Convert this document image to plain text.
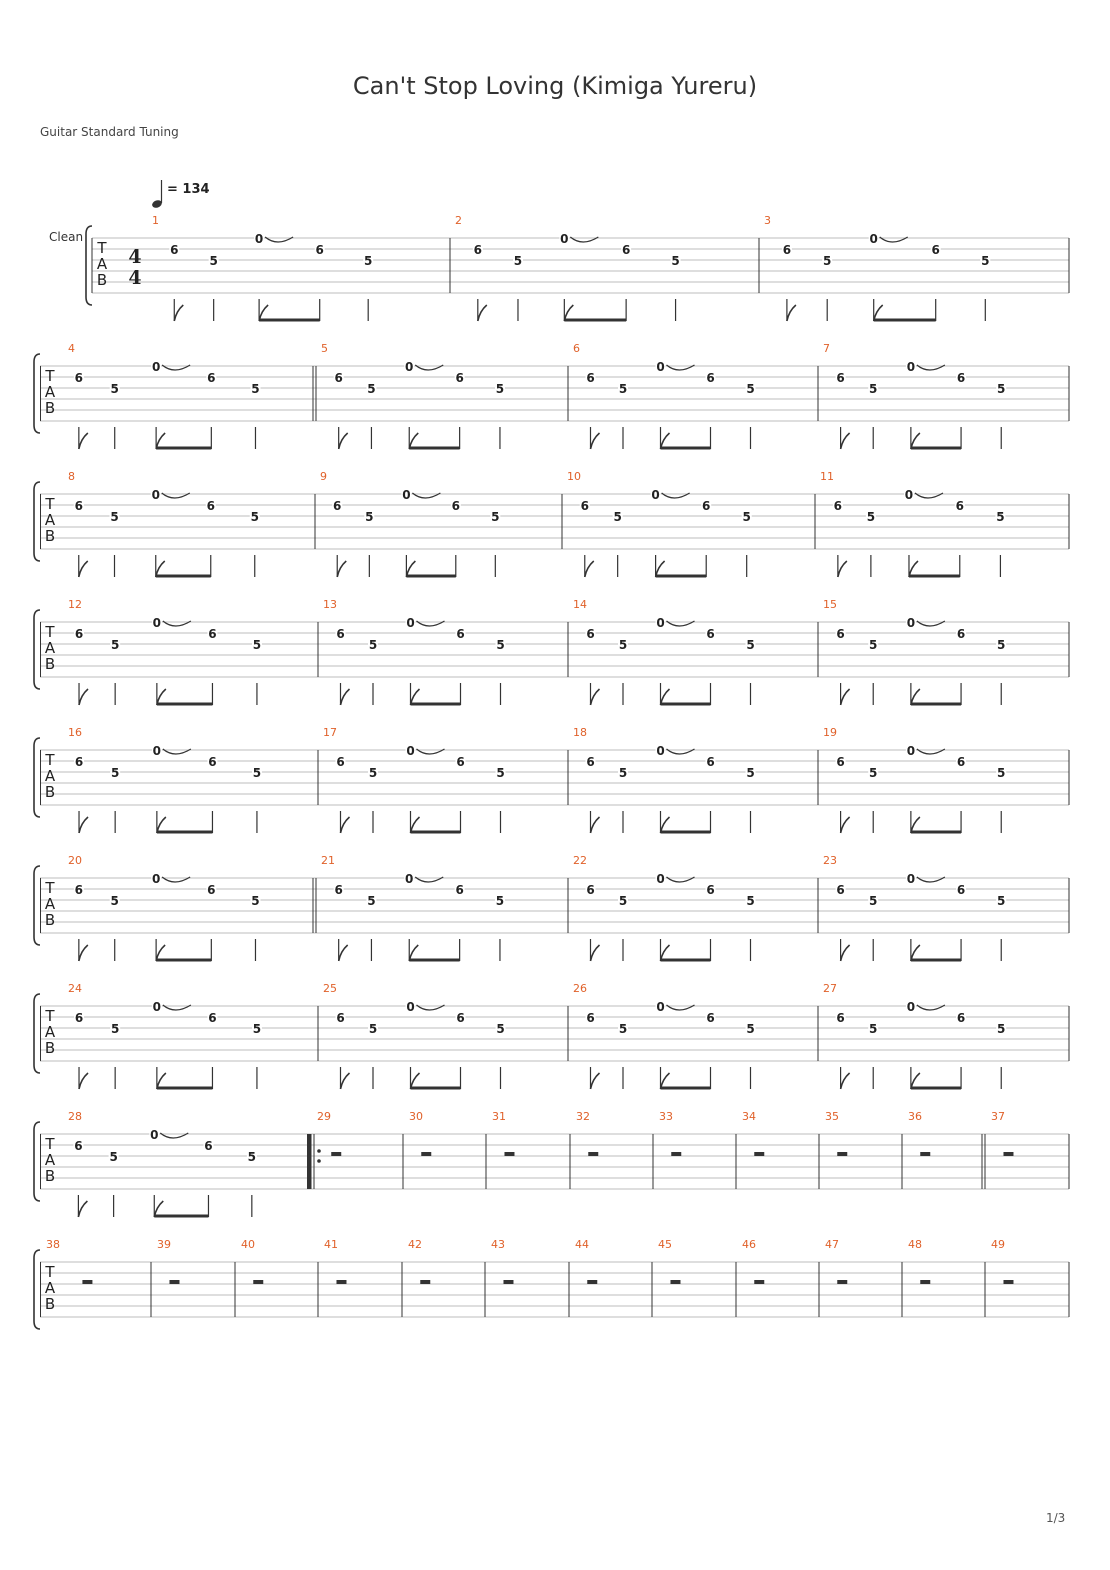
Can't Stop Loving (Kimiga Yureru)
Guitar Standard Tuning
1/3
T
A
B
1
6
5
0
6
5
2
6
5
0
6
5
3
6
5
0
6
5
T
A
B
4
6
5
0
6
5
5
6
5
0
6
5
6
6
5
0
6
5
7
6
5
0
6
5
T
A
B
8
6
5
0
6
5
9
6
5
0
6
5
10
6
5
0
6
5
11
6
5
0
6
5
T
A
B
12
6
5
0
6
5
13
6
5
0
6
5
14
6
5
0
6
5
15
6
5
0
6
5
T
A
B
16
6
5
0
6
5
17
6
5
0
6
5
18
6
5
0
6
5
19
6
5
0
6
5
T
A
B
20
6
5
0
6
5
21
6
5
0
6
5
22
6
5
0
6
5
23
6
5
0
6
5
T
A
B
24
6
5
0
6
5
25
6
5
0
6
5
26
6
5
0
6
5
27
6
5
0
6
5
T
A
B
28
6
5
0
6
5
29	30	31	32	33	34	35	36	37
T
A
B
38	39	40	41	42	43	44	45	46	47	48	49
4
4
Clean
= 134
